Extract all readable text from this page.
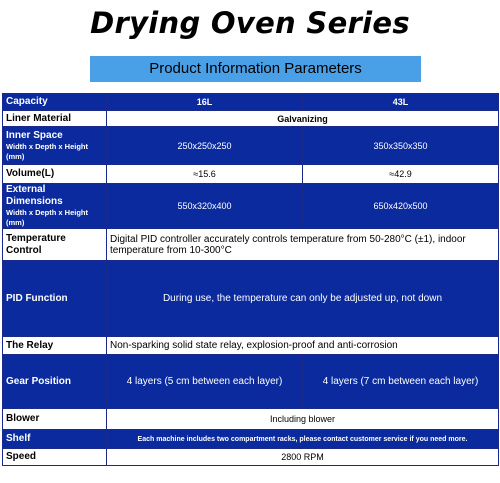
Drying Oven Series
Product Information Parameters
Capacity	16L	43L
Liner Material	Galvanizing	
Inner Space
Width x Depth x Height (mm)	250x250x250	350x350x350
Volume(L)	≈15.6	≈42.9
External Dimensions
Width x Depth x Height (mm)	550x320x400	650x420x500
Temperature Control	Digital PID controller accurately controls temperature from 50-280°C (±1), indoor temperature from 10-300°C	
PID Function	During use, the temperature can only be adjusted up, not down	
The Relay	Non-sparking solid state relay, explosion-proof and anti-corrosion	
Gear Position	4 layers (5 cm between each layer)	4 layers (7 cm between each layer)
Blower	Including blower	
Shelf	Each machine includes two compartment racks, please contact customer service if you need more.	
Speed	2800 RPM	
